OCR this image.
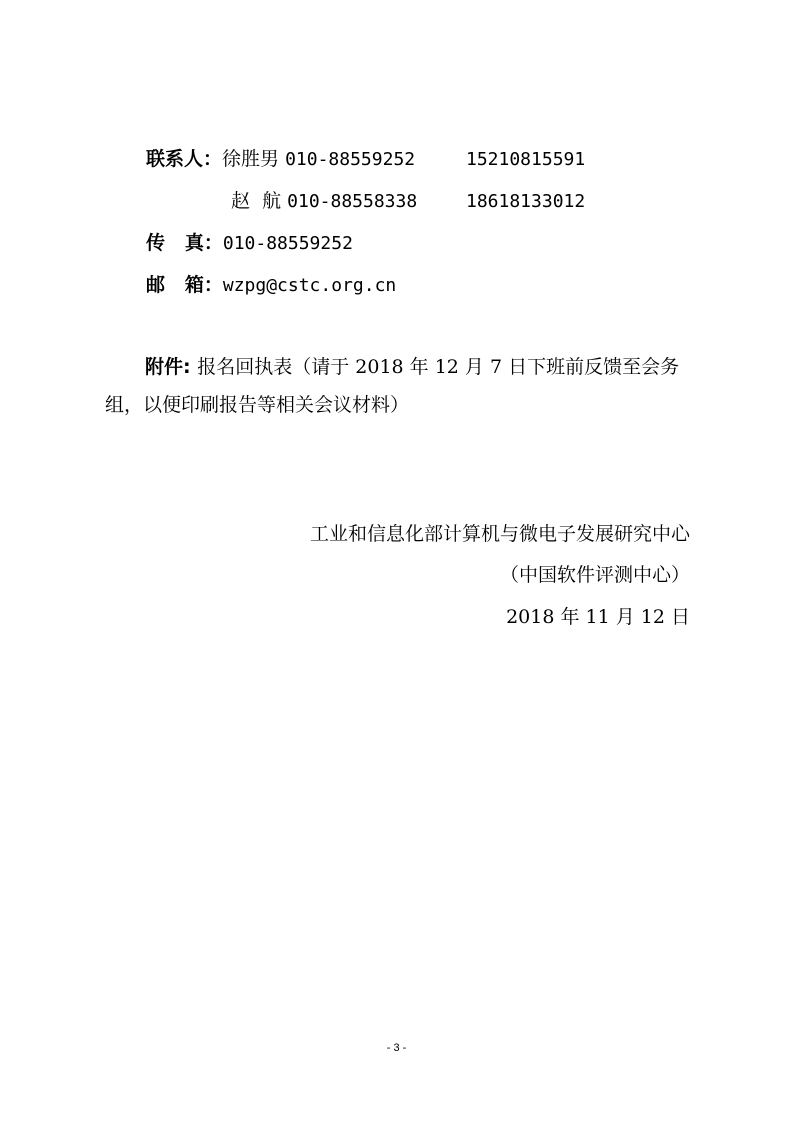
联系人：徐胜男 010-88559252	15210815591
赵  航 010-88558338	18618133012
传   真：010-88559252
邮   箱：wzpg@cstc.org.cn
附件: 报名回执表（请于 2018 年 12 月 7 日下班前反馈至会务组，以便印刷报告等相关会议材料）
工业和信息化部计算机与微电子发展研究中心
（中国软件评测中心）
2018 年 11 月 12 日
- 3 -
